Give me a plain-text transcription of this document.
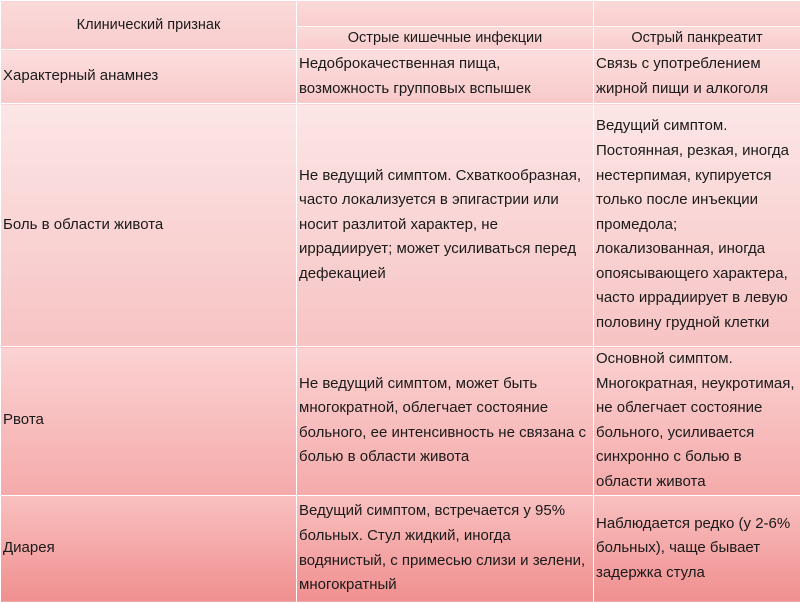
Клинический признак		
	Острые кишечные инфекции	Острый панкреатит
Характерный анамнез	Недоброкачественная пища, возможность групповых вспышек	Связь с употреблением жирной пищи и алкоголя
Боль в области живота	Не ведущий симптом. Схваткообразная, часто локализуется в эпигастрии или носит разлитой характер, не иррадиирует; может усиливаться перед дефекацией	Ведущий симптом. Постоянная, резкая, иногда нестерпимая, купируется только после инъекции промедола; локализованная, иногда опоясывающего характера, часто иррадиирует в левую половину грудной клетки
Рвота	Не ведущий симптом, может быть многократной, облегчает состояние больного, ее интенсивность не связана с болью в области живота	Основной симптом. Многократная, неукротимая, не облегчает состояние больного, усиливается синхронно с болью в области живота
Диарея	Ведущий симптом, встречается у 95% больных. Стул жидкий, иногда водянистый, с примесью слизи и зелени, многократный	Наблюдается редко (у 2-6% больных), чаще бывает задержка стула
